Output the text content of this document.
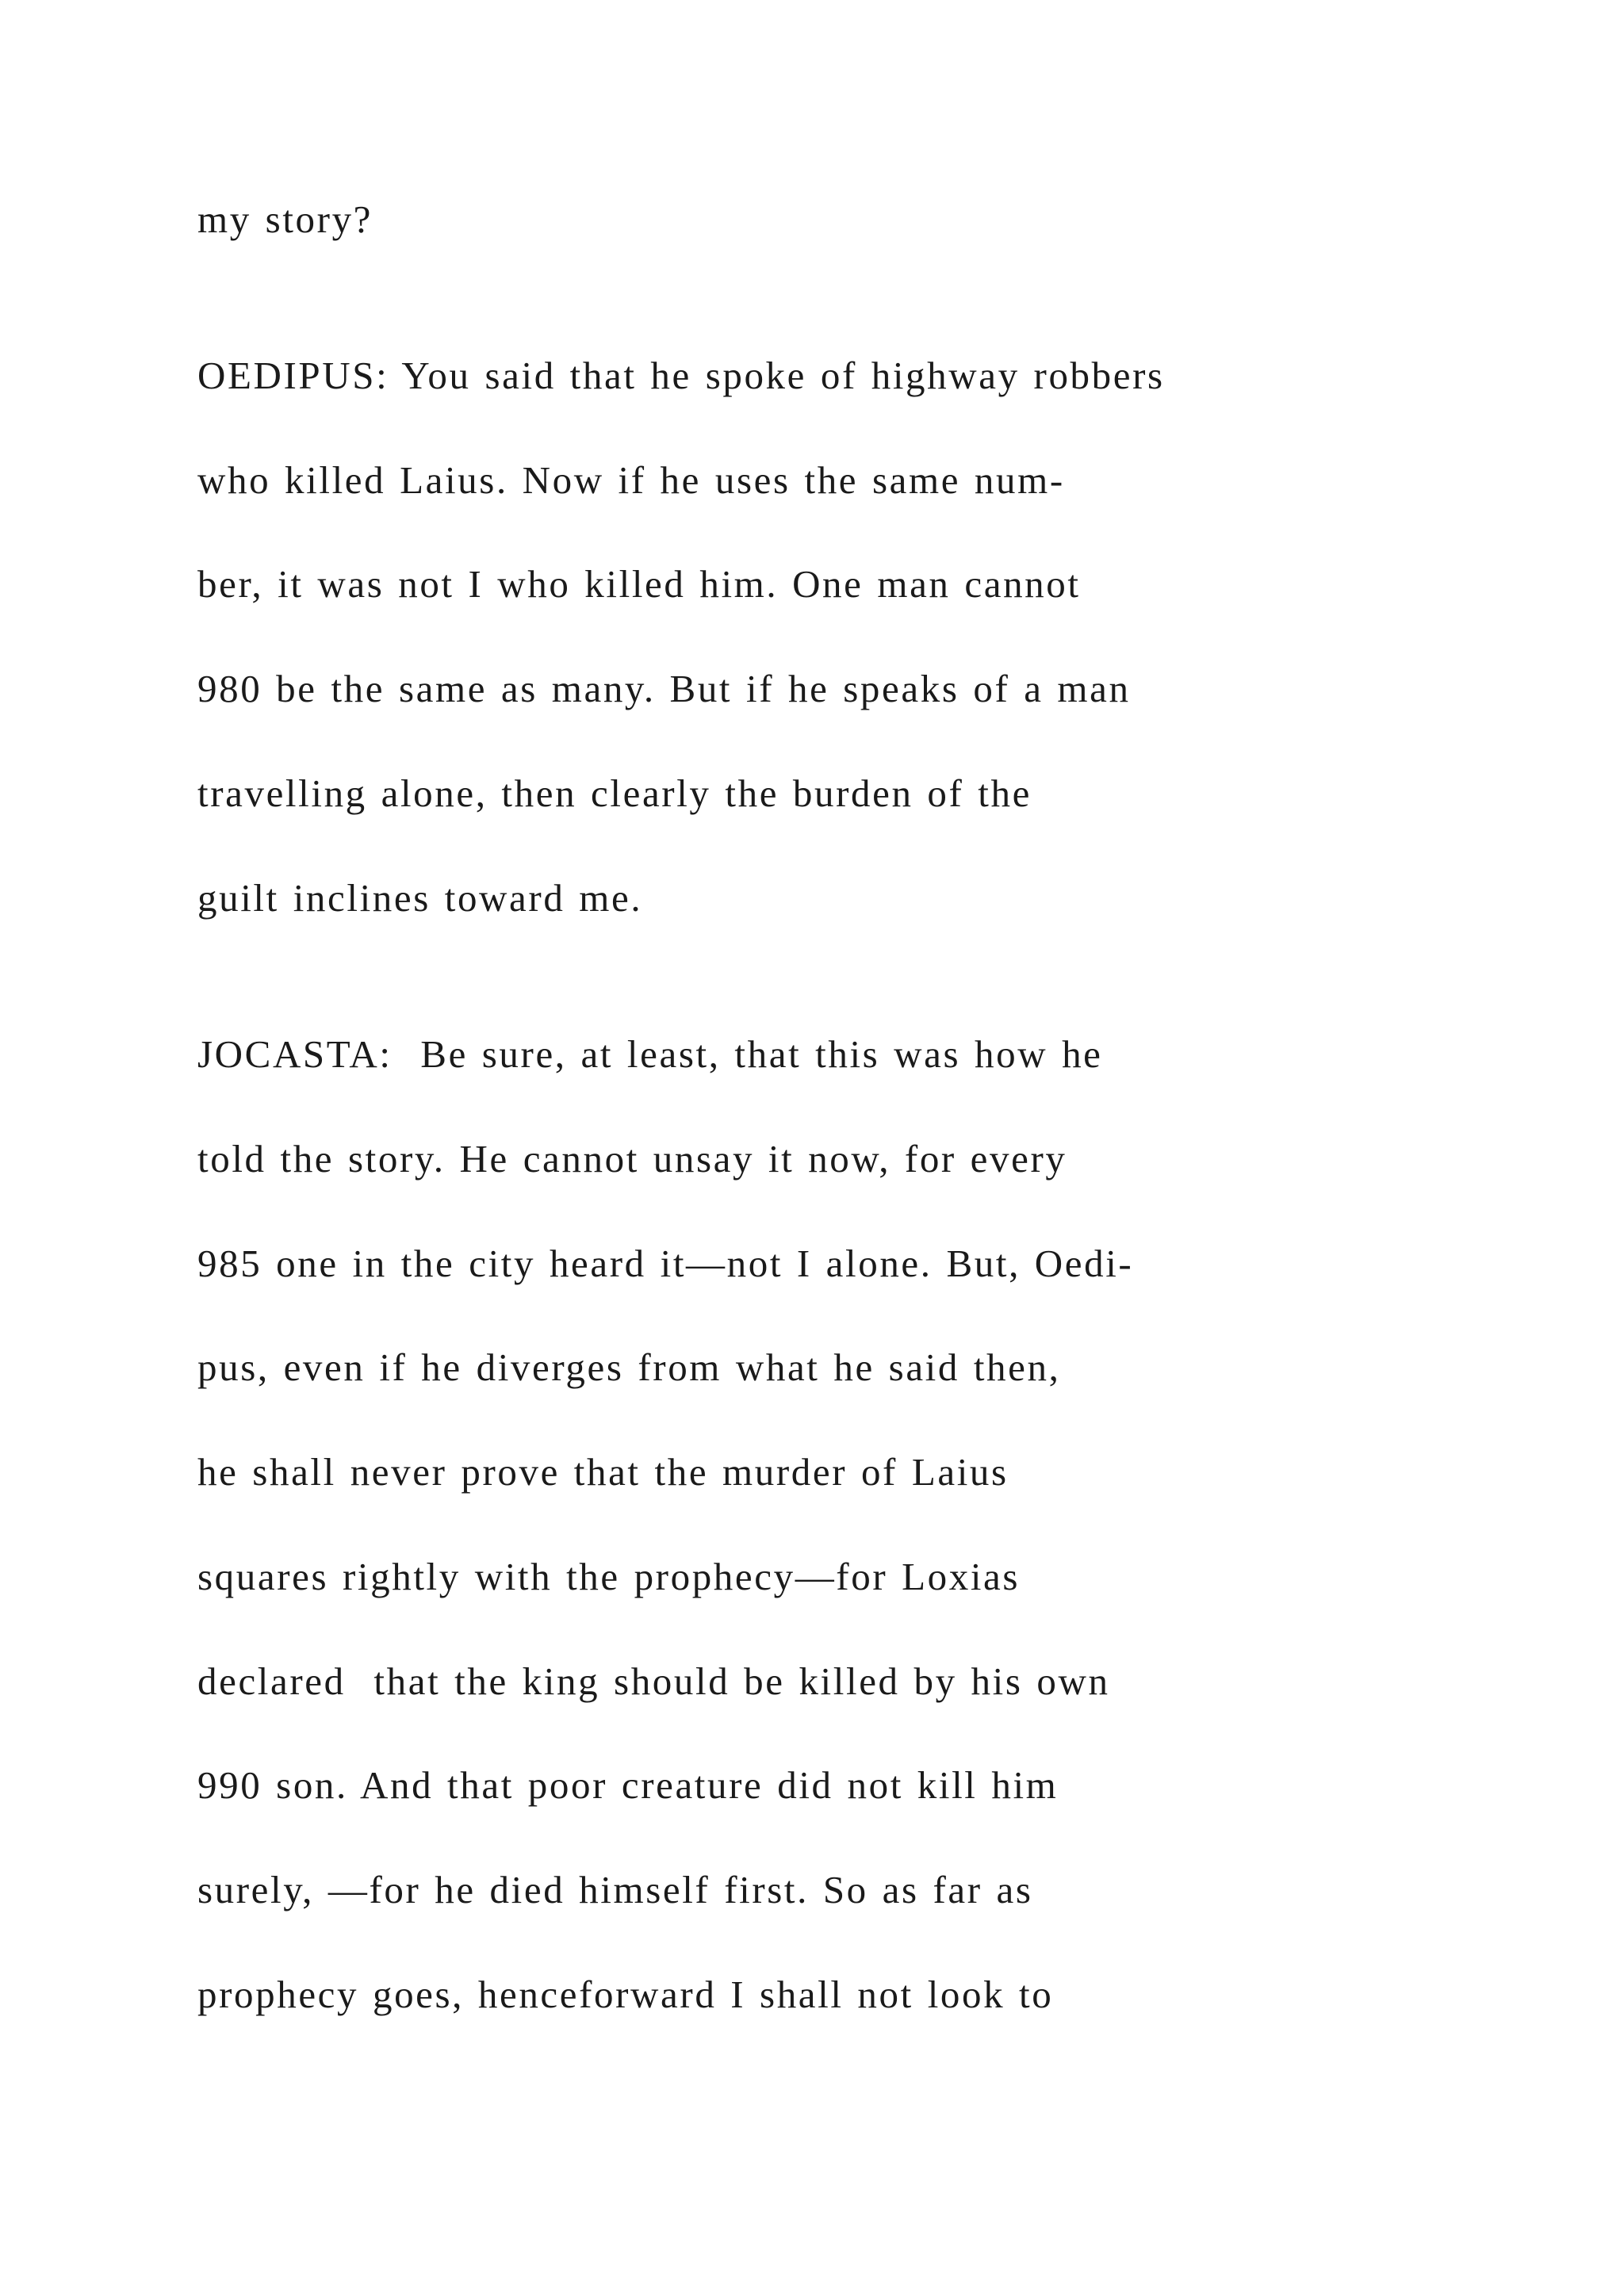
my story?

OEDIPUS: You said that he spoke of highway robbers

who killed Laius. Now if he uses the same num-

ber, it was not I who killed him. One man cannot

980 be the same as many. But if he speaks of a man

travelling alone, then clearly the burden of the

guilt inclines toward me.

JOCASTA:  Be sure, at least, that this was how he

told the story. He cannot unsay it now, for every

985 one in the city heard it—not I alone. But, Oedi-

pus, even if he diverges from what he said then,

he shall never prove that the murder of Laius

squares rightly with the prophecy—for Loxias

declared  that the king should be killed by his own

990 son. And that poor creature did not kill him

surely, —for he died himself first. So as far as

prophecy goes, henceforward I shall not look to
